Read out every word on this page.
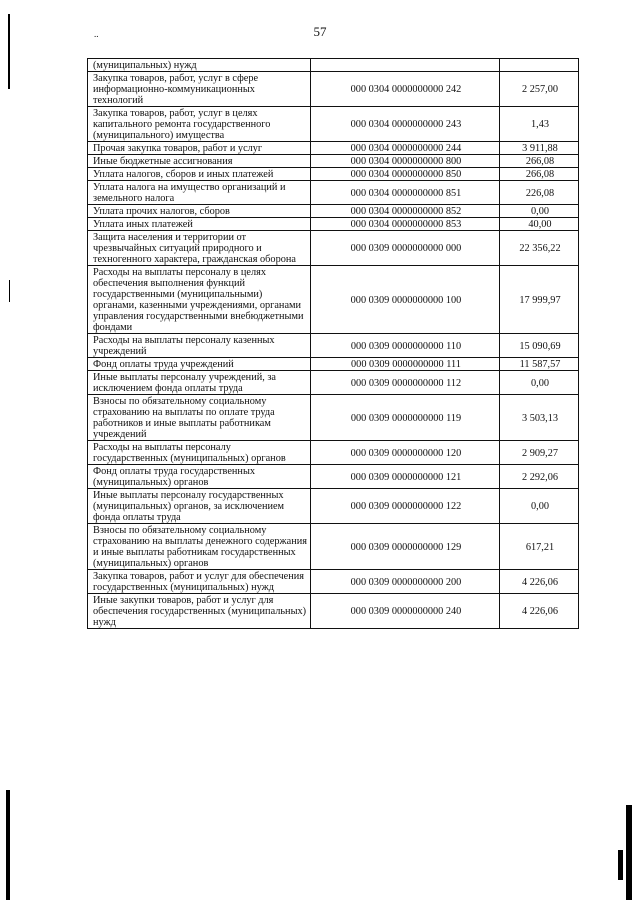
57
..
(муниципальных) нужд		
Закупка товаров, работ, услуг в сфере информационно-коммуникационных технологий	000 0304 0000000000 242	2 257,00
Закупка товаров, работ, услуг в целях капитального ремонта государственного (муниципального) имущества	000 0304 0000000000 243	1,43
Прочая закупка товаров, работ и услуг	000 0304 0000000000 244	3 911,88
Иные бюджетные ассигнования	000 0304 0000000000 800	266,08
Уплата налогов, сборов и иных платежей	000 0304 0000000000 850	266,08
Уплата налога на имущество организаций и земельного налога	000 0304 0000000000 851	226,08
Уплата прочих налогов, сборов	000 0304 0000000000 852	0,00
Уплата иных платежей	000 0304 0000000000 853	40,00
Защита населения и территории от чрезвычайных ситуаций природного и техногенного характера, гражданская оборона	000 0309 0000000000 000	22 356,22
Расходы на выплаты персоналу в целях обеспечения выполнения функций государственными (муниципальными) органами, казенными учреждениями, органами управления государственными внебюджетными фондами	000 0309 0000000000 100	17 999,97
Расходы на выплаты персоналу казенных учреждений	000 0309 0000000000 110	15 090,69
Фонд оплаты труда учреждений	000 0309 0000000000 111	11 587,57
Иные выплаты персоналу учреждений, за исключением фонда оплаты труда	000 0309 0000000000 112	0,00
Взносы по обязательному социальному страхованию на выплаты по оплате труда работников и иные выплаты работникам учреждений	000 0309 0000000000 119	3 503,13
Расходы на выплаты персоналу государственных (муниципальных) органов	000 0309 0000000000 120	2 909,27
Фонд оплаты труда государственных (муниципальных) органов	000 0309 0000000000 121	2 292,06
Иные выплаты персоналу государственных (муниципальных) органов, за исключением фонда оплаты труда	000 0309 0000000000 122	0,00
Взносы по обязательному социальному страхованию на выплаты денежного содержания и иные выплаты работникам государственных (муниципальных) органов	000 0309 0000000000 129	617,21
Закупка товаров, работ и услуг для обеспечения государственных (муниципальных) нужд	000 0309 0000000000 200	4 226,06
Иные закупки товаров, работ и услуг для обеспечения государственных (муниципальных) нужд	000 0309 0000000000 240	4 226,06
